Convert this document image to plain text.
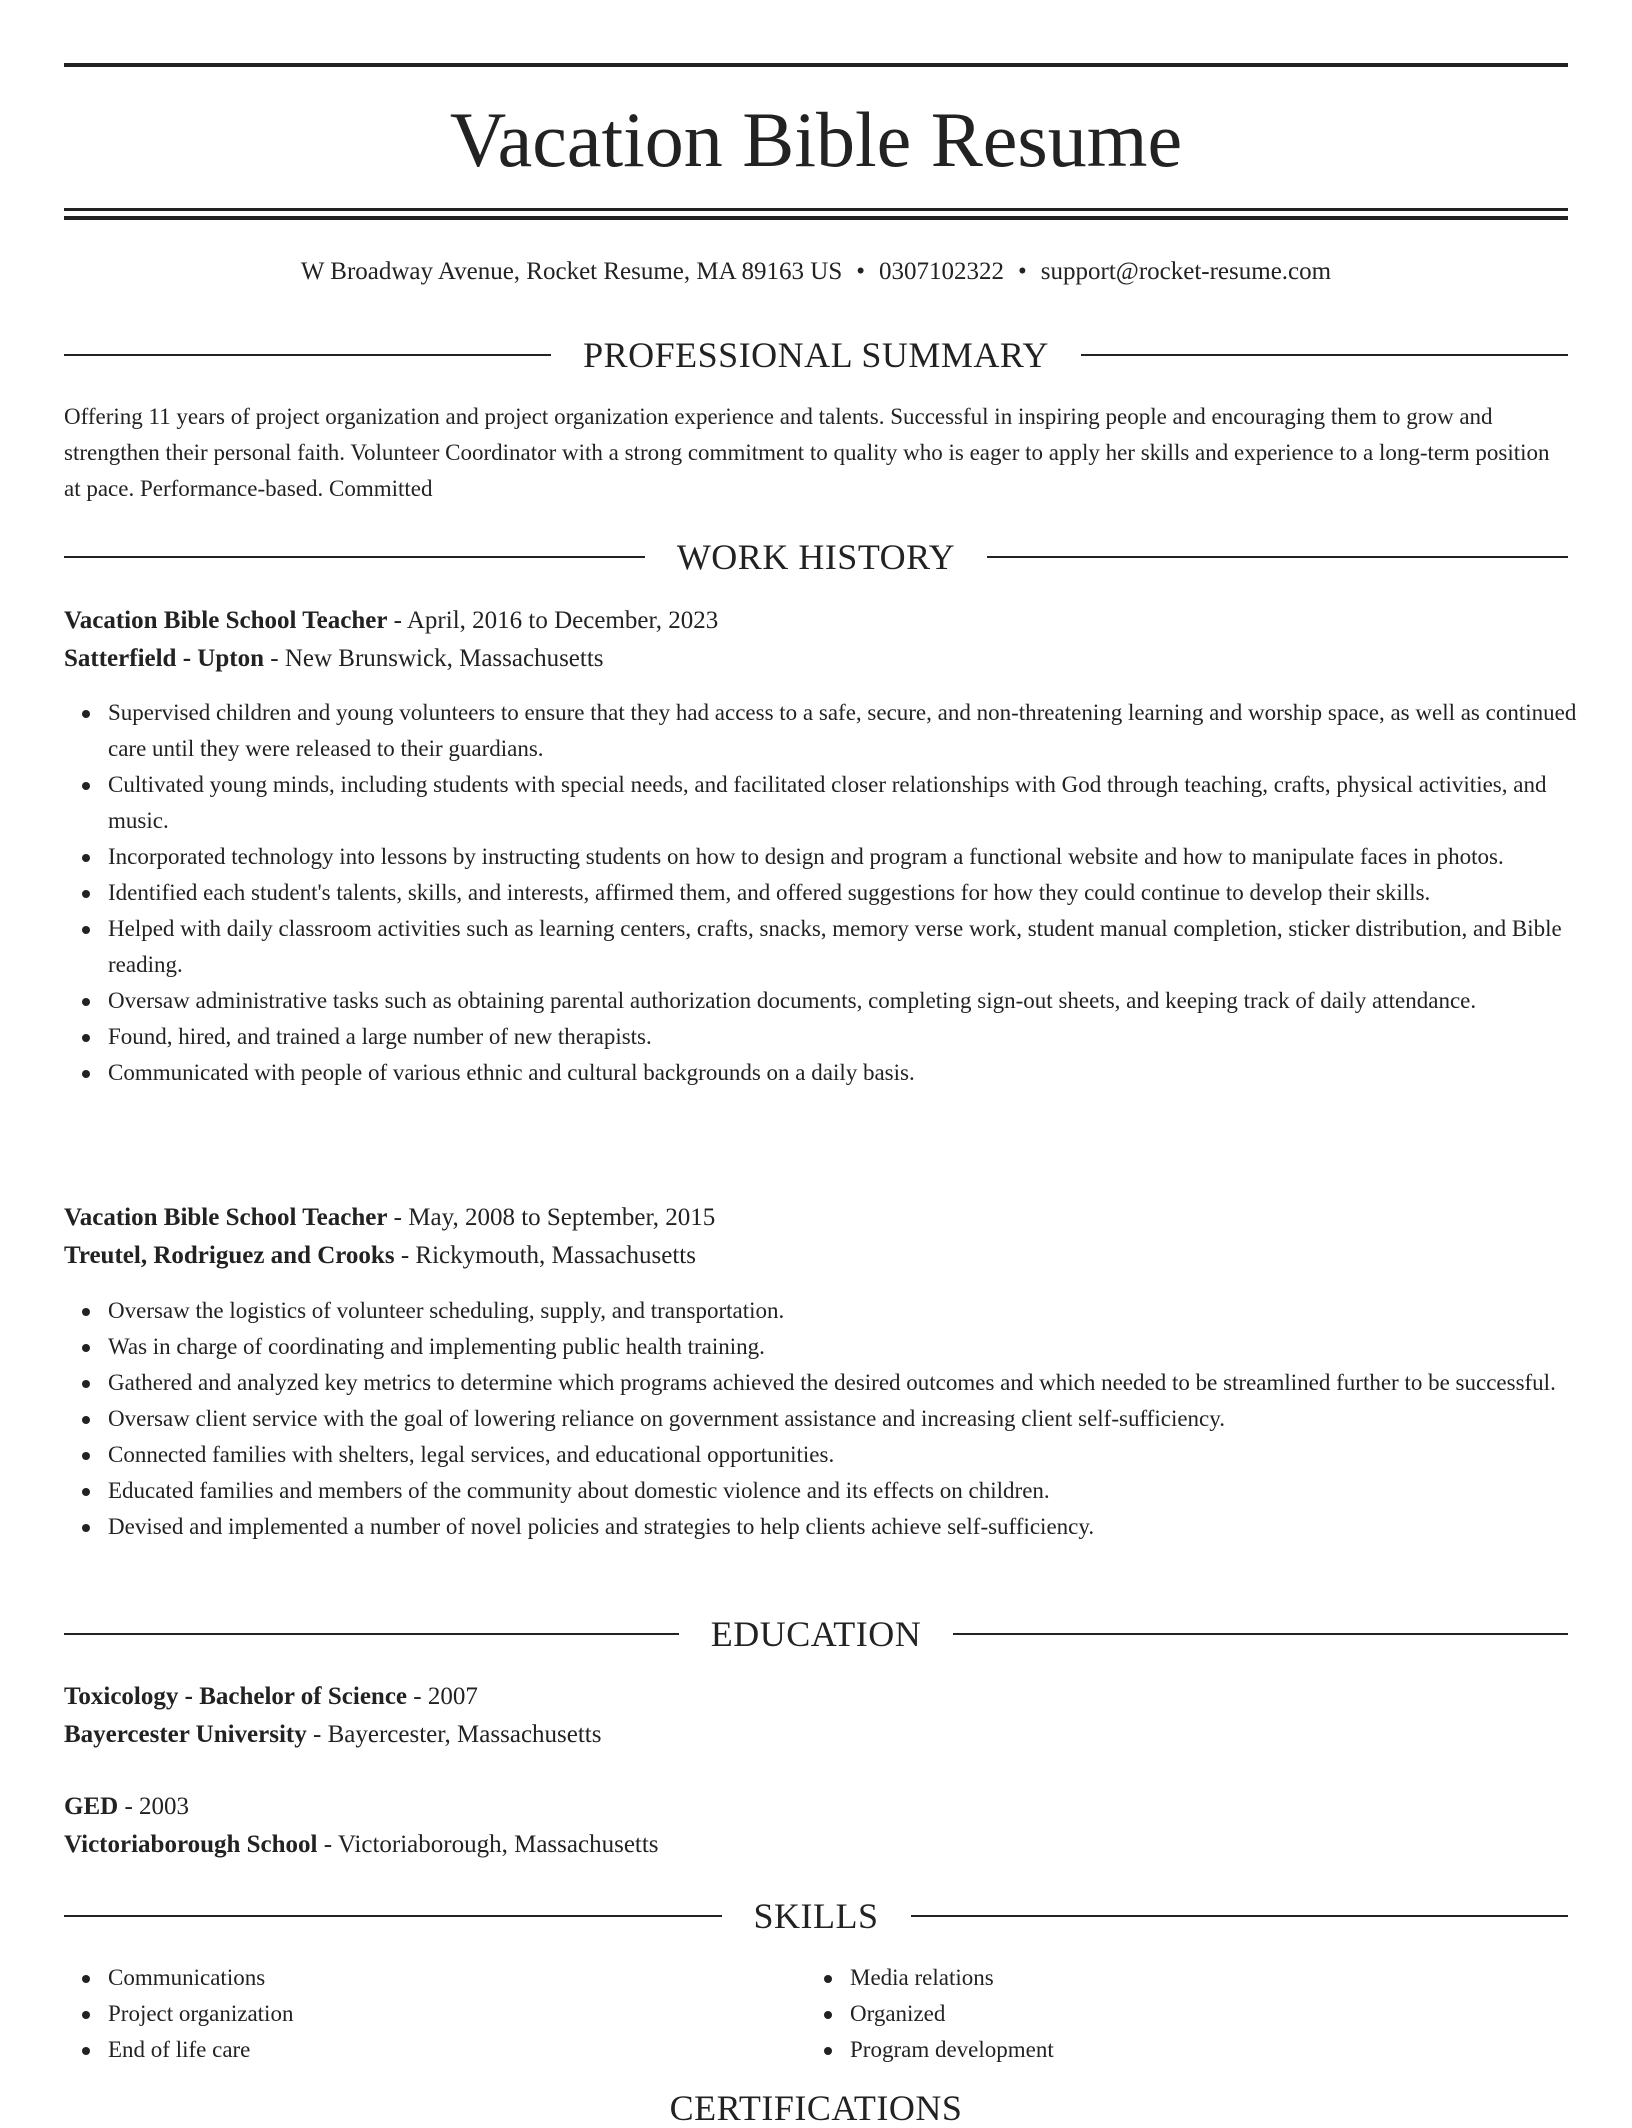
Vacation Bible Resume
W Broadway Avenue, Rocket Resume, MA 89163 US • 0307102322 • support@rocket-resume.com
PROFESSIONAL SUMMARY
Offering 11 years of project organization and project organization experience and talents. Successful in inspiring people and encouraging them to grow and strengthen their personal faith. Volunteer Coordinator with a strong commitment to quality who is eager to apply her skills and experience to a long-term position at pace. Performance-based. Committed
WORK HISTORY
Vacation Bible School Teacher - April, 2016 to December, 2023
Satterfield - Upton - New Brunswick, Massachusetts
Supervised children and young volunteers to ensure that they had access to a safe, secure, and non-threatening learning and worship space, as well as continued care until they were released to their guardians.
Cultivated young minds, including students with special needs, and facilitated closer relationships with God through teaching, crafts, physical activities, and music.
Incorporated technology into lessons by instructing students on how to design and program a functional website and how to manipulate faces in photos.
Identified each student's talents, skills, and interests, affirmed them, and offered suggestions for how they could continue to develop their skills.
Helped with daily classroom activities such as learning centers, crafts, snacks, memory verse work, student manual completion, sticker distribution, and Bible reading.
Oversaw administrative tasks such as obtaining parental authorization documents, completing sign-out sheets, and keeping track of daily attendance.
Found, hired, and trained a large number of new therapists.
Communicated with people of various ethnic and cultural backgrounds on a daily basis.
Vacation Bible School Teacher - May, 2008 to September, 2015
Treutel, Rodriguez and Crooks - Rickymouth, Massachusetts
Oversaw the logistics of volunteer scheduling, supply, and transportation.
Was in charge of coordinating and implementing public health training.
Gathered and analyzed key metrics to determine which programs achieved the desired outcomes and which needed to be streamlined further to be successful.
Oversaw client service with the goal of lowering reliance on government assistance and increasing client self-sufficiency.
Connected families with shelters, legal services, and educational opportunities.
Educated families and members of the community about domestic violence and its effects on children.
Devised and implemented a number of novel policies and strategies to help clients achieve self-sufficiency.
EDUCATION
Toxicology - Bachelor of Science - 2007
Bayercester University - Bayercester, Massachusetts
GED - 2003
Victoriaborough School - Victoriaborough, Massachusetts
SKILLS
Communications
Project organization
End of life care
Media relations
Organized
Program development
CERTIFICATIONS
